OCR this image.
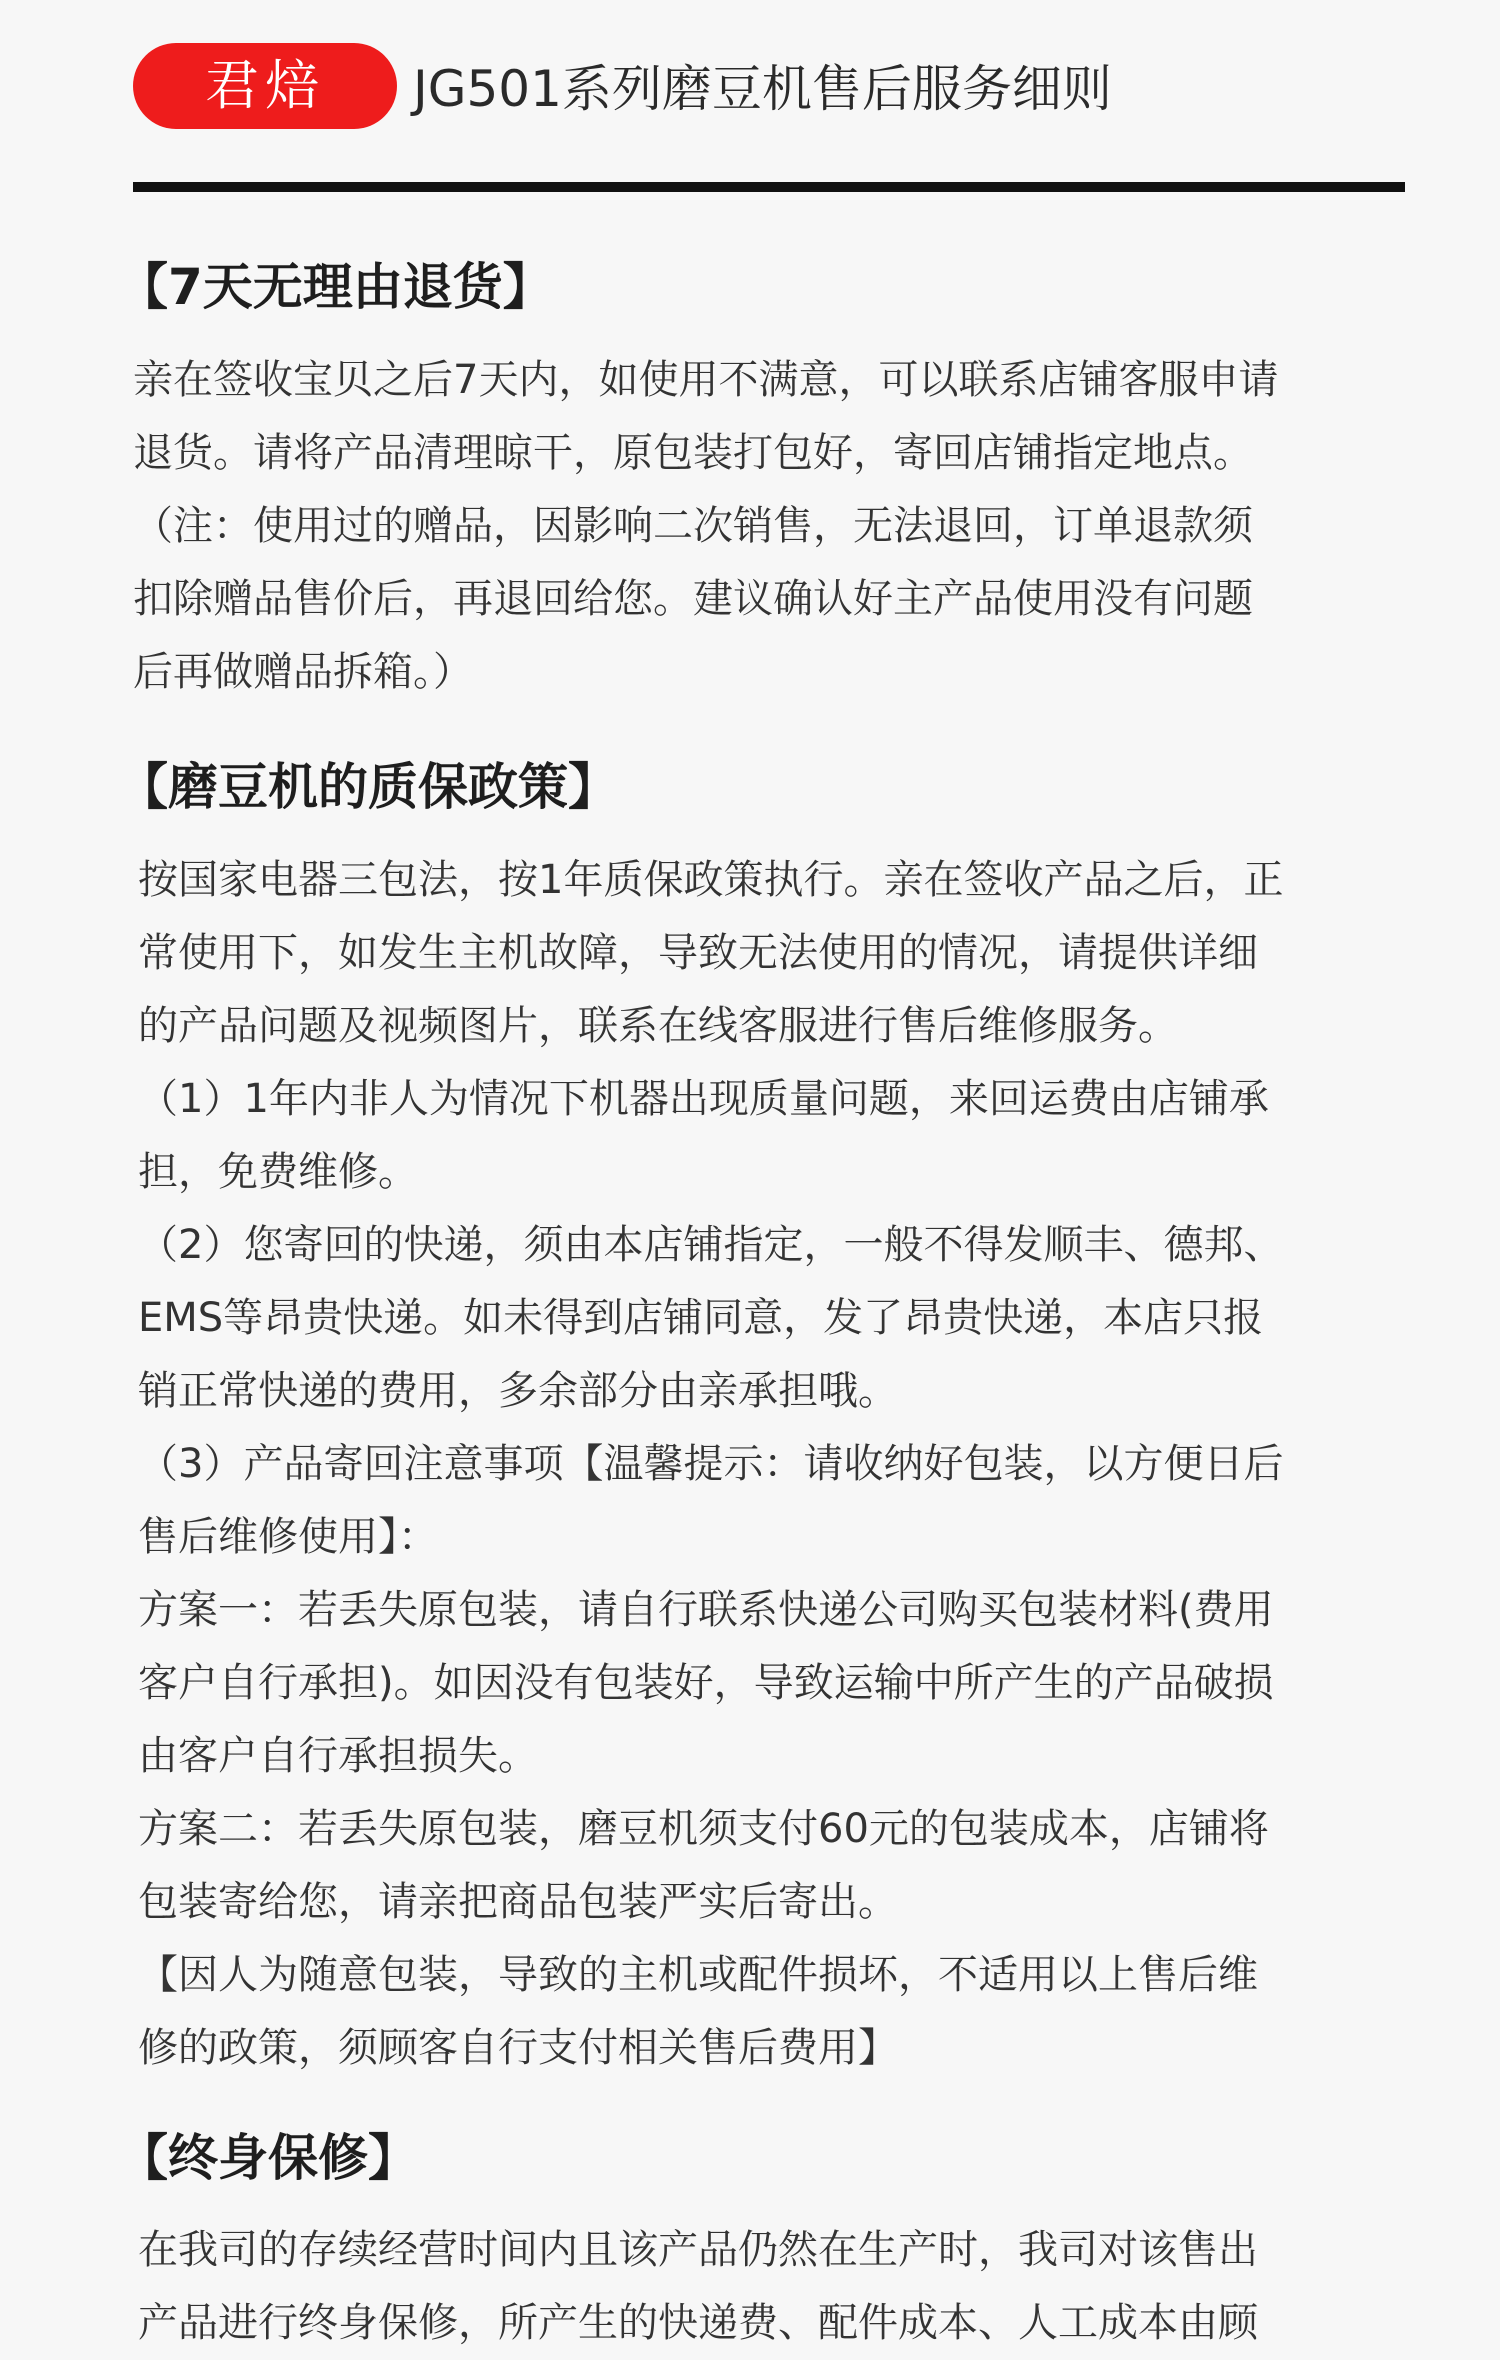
君焙 JG501系列磨豆机售后服务细则
【7天无理由退货】
亲在签收宝贝之后7天内，如使用不满意，可以联系店铺客服申请
退货。请将产品清理晾干，原包装打包好，寄回店铺指定地点。
（注：使用过的赠品，因影响二次销售，无法退回，订单退款须
扣除赠品售价后，再退回给您。建议确认好主产品使用没有问题
后再做赠品拆箱。）
【磨豆机的质保政策】
按国家电器三包法，按1年质保政策执行。亲在签收产品之后，正
常使用下，如发生主机故障，导致无法使用的情况，请提供详细
的产品问题及视频图片，联系在线客服进行售后维修服务。
（1）1年内非人为情况下机器出现质量问题，来回运费由店铺承
担，免费维修。
（2）您寄回的快递，须由本店铺指定，一般不得发顺丰、德邦、
EMS等昂贵快递。如未得到店铺同意，发了昂贵快递，本店只报
销正常快递的费用，多余部分由亲承担哦。
（3）产品寄回注意事项【温馨提示：请收纳好包装，以方便日后
售后维修使用】：
方案一：若丢失原包装，请自行联系快递公司购买包装材料(费用
客户自行承担)。如因没有包装好，导致运输中所产生的产品破损
由客户自行承担损失。
方案二：若丢失原包装，磨豆机须支付60元的包装成本，店铺将
包装寄给您，请亲把商品包装严实后寄出。
【因人为随意包装，导致的主机或配件损坏，不适用以上售后维
修的政策，须顾客自行支付相关售后费用】
【终身保修】
在我司的存续经营时间内且该产品仍然在生产时，我司对该售出
产品进行终身保修，所产生的快递费、配件成本、人工成本由顾
